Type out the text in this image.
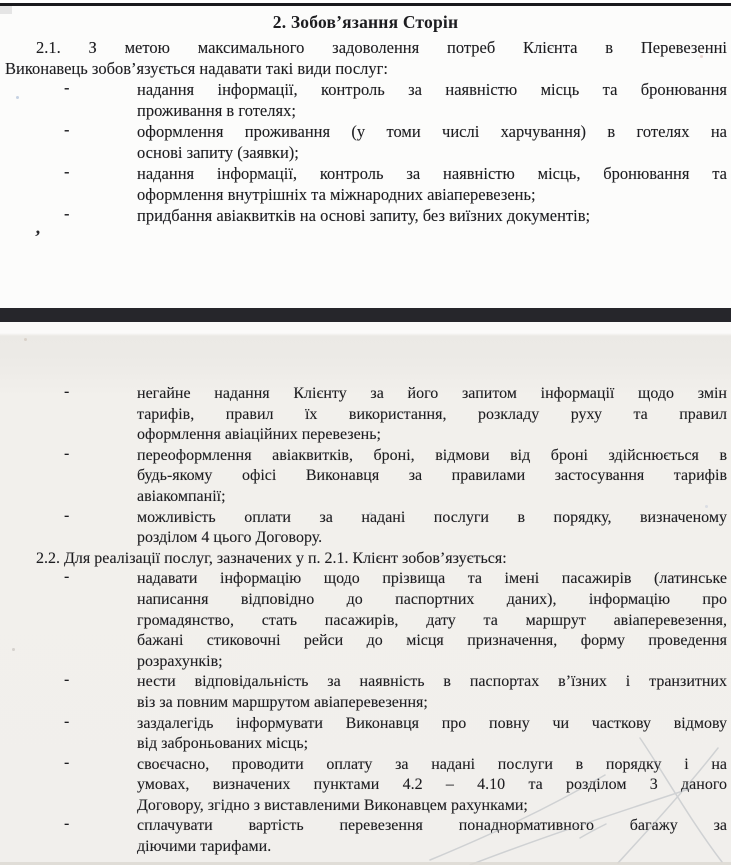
2. Зобов’язання Сторін
2.1. З метою максимального задоволення потреб Клієнта в Перевезенні
Виконавець зобов’язується надавати такі види послуг:
-	надання інформації, контроль за наявністю місць та бронювання
проживання в готелях;
-	оформлення проживання (у томи числі харчування) в готелях на
основі запиту (заявки);
-	надання інформації, контроль за наявністю місць, бронювання та
оформлення внутрішніх та міжнародних авіаперевезень;
-	придбання авіаквитків на основі запиту, без виїзних документів;
ʼ
-	негайне надання Клієнту за його запитом інформації щодо змін
тарифів, правил їх використання, розкладу руху та правил
оформлення авіаційних перевезень;
-	переоформлення авіаквитків, броні, відмови від броні здійснюється в
будь-якому офісі Виконавця за правилами застосування тарифів
авіакомпанії;
-	можливість оплати за надані послуги в порядку, визначеному
розділом 4 цього Договору.
2.2. Для реалізації послуг, зазначених у п. 2.1. Клієнт зобов’язується:
-	надавати інформацію щодо прізвища та імені пасажирів (латинське
написання відповідно до паспортних даних), інформацію про
громадянство, стать пасажирів, дату та маршрут авіаперевезення,
бажані стиковочні рейси до місця призначення, форму проведення
розрахунків;
-	нести відповідальність за наявність в паспортах в’їзних і транзитних
віз за повним маршрутом авіаперевезення;
-	заздалегідь інформувати Виконавця про повну чи часткову відмову
від заброньованих місць;
-	своєчасно, проводити оплату за надані послуги в порядку і на
умовах, визначених пунктами 4.2 – 4.10 та розділом 3 даного
Договору, згідно з виставленими Виконавцем рахунками;
-	сплачувати вартість перевезення понаднормативного багажу за
діючими тарифами.
